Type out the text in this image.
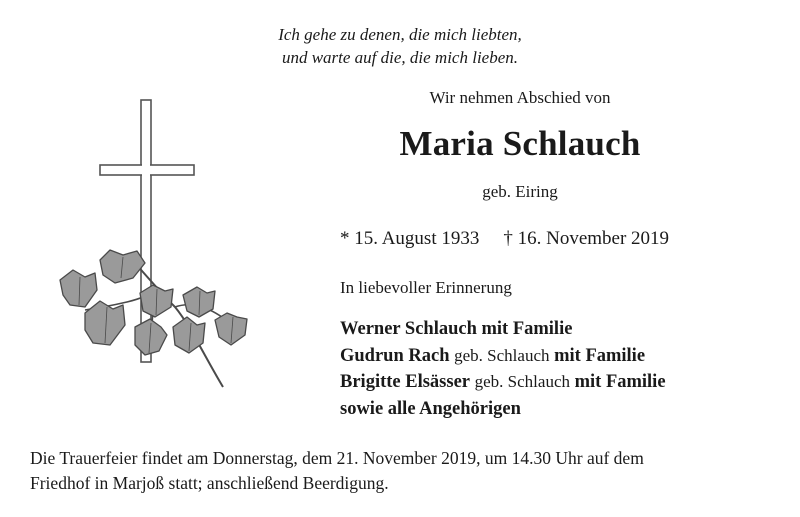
Ich gehe zu denen, die mich liebten,
und warte auf die, die mich lieben.
Wir nehmen Abschied von
Maria Schlauch
geb. Eiring
* 15. August 1933 † 16. November 2019
In liebevoller Erinnerung
Werner Schlauch mit Familie
Gudrun Rach geb. Schlauch mit Familie
Brigitte Elsässer geb. Schlauch mit Familie
sowie alle Angehörigen
Die Trauerfeier findet am Donnerstag, dem 21. November 2019, um 14.30 Uhr auf dem
Friedhof in Marjoß statt; anschließend Beerdigung.
